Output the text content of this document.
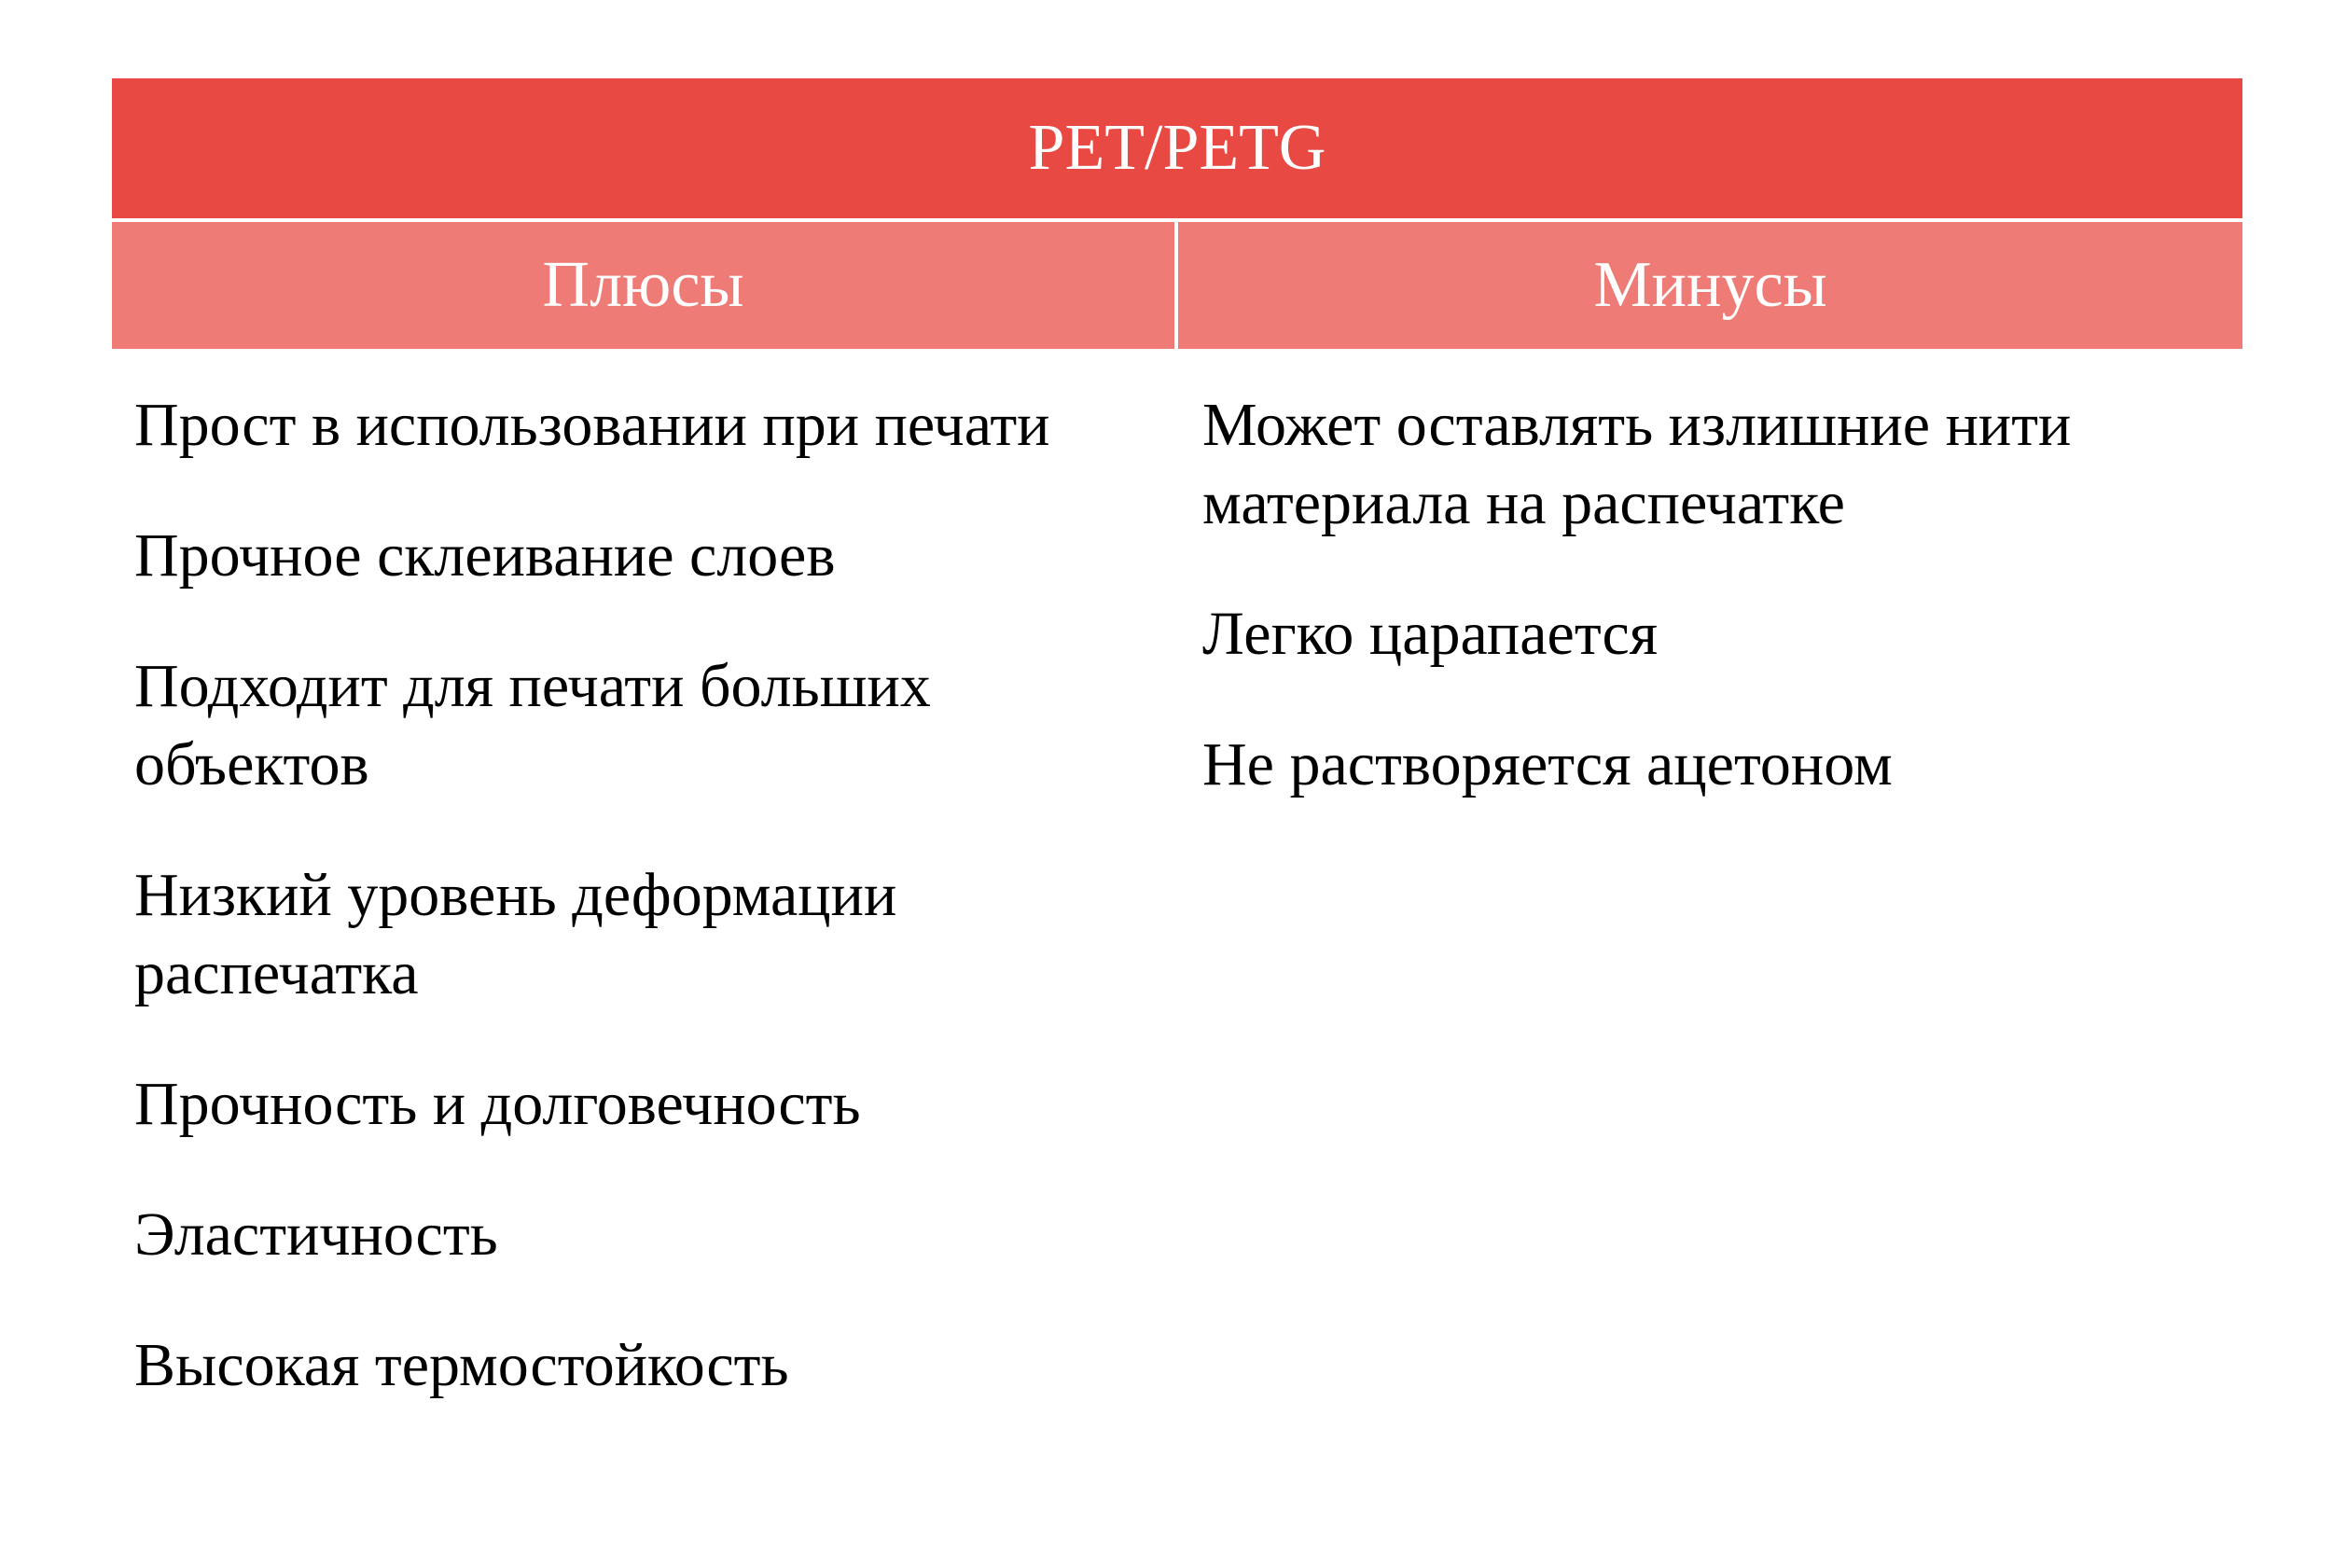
PET/PETG
Плюсы	Минусы
Прост в использовании при печати
Прочное склеивание слоев
Подходит для печати больших объектов
Низкий уровень деформации распечатка
Прочность и долговечность
Эластичность
Высокая термостойкость
Может оставлять излишние нити материала на распечатке
Легко царапается
Не растворяется ацетоном
